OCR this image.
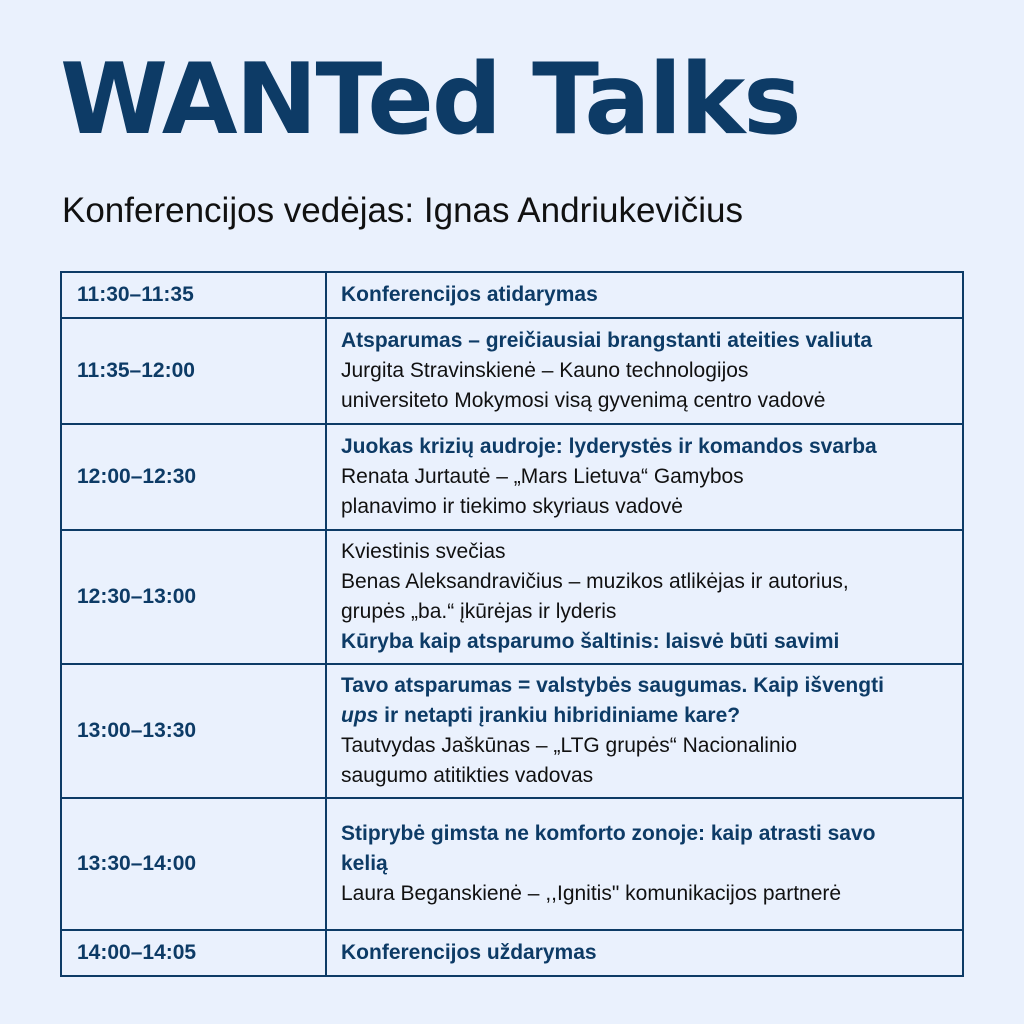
WANTed Talks

Konferencijos vedėjas: Ignas Andriukevičius

11:30–11:35	Konferencijos atidarymas

11:35–12:00	Atsparumas – greičiausiai brangstanti ateities valiuta
Jurgita Stravinskienė – Kauno technologijos
universiteto Mokymosi visą gyvenimą centro vadovė

12:00–12:30	Juokas krizių audroje: lyderystės ir komandos svarba
Renata Jurtautė – „Mars Lietuva“ Gamybos
planavimo ir tiekimo skyriaus vadovė

12:30–13:00	Kviestinis svečias
Benas Aleksandravičius – muzikos atlikėjas ir autorius,
grupės „ba.“ įkūrėjas ir lyderis
Kūryba kaip atsparumo šaltinis: laisvė būti savimi

13:00–13:30	Tavo atsparumas = valstybės saugumas. Kaip išvengti
ups ir netapti įrankiu hibridiniame kare?
Tautvydas Jaškūnas – „LTG grupės“ Nacionalinio
saugumo atitikties vadovas

13:30–14:00	Stiprybė gimsta ne komforto zonoje: kaip atrasti savo
kelią
Laura Beganskienė – ,,Ignitis" komunikacijos partnerė

14:00–14:05	Konferencijos uždarymas
